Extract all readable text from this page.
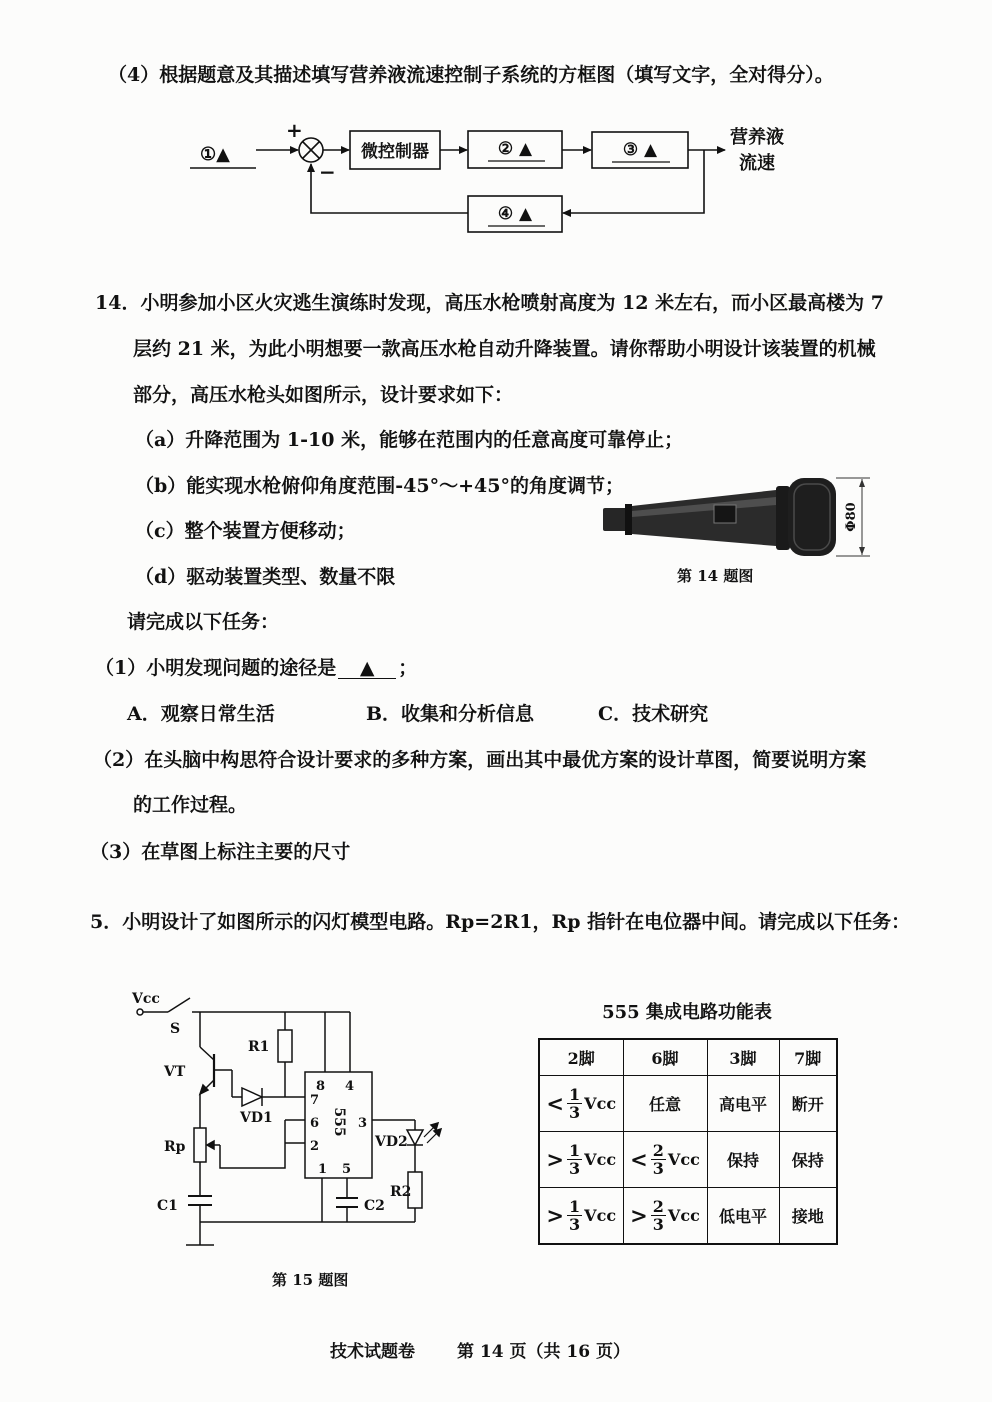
（4）根据题意及其描述填写营养液流速控制子系统的方框图（填写文字，全对得分）。
14．小明参加小区火灾逃生演练时发现，高压水枪喷射高度为 12 米左右，而小区最高楼为 7
层约 21 米，为此小明想要一款高压水枪自动升降装置。请你帮助小明设计该装置的机械
部分，高压水枪头如图所示，设计要求如下：
（a）升降范围为 1-10 米，能够在范围内的任意高度可靠停止；
（b）能实现水枪俯仰角度范围-45°～+45°的角度调节；
（c）整个装置方便移动；
（d）驱动装置类型、数量不限	第 14 题图
请完成以下任务：
（1）小明发现问题的途径是 ▲ ；
A．观察日常生活	B．收集和分析信息	C．技术研究
（2）在头脑中构思符合设计要求的多种方案，画出其中最优方案的设计草图，简要说明方案
的工作过程。
（3）在草图上标注主要的尺寸
5．小明设计了如图所示的闪灯模型电路。Rp=2R1，Rp 指针在电位器中间。请完成以下任务：
第 15 题图
技术试题卷 第 14 页（共 16 页）
①▲
+
−
微控制器	② ▲	③ ▲
营养液
流速
④ ▲
Φ80
Vcc
S
R1
VT
VD1
Rp
555
8 4
7
6
2
3
1 5
C2
VD2
R2
C1
555 集成电路功能表
2脚	6脚	3脚	7脚

< $\frac{1}{3}$ Vcc	任意	高电平	断开

> $\frac{1}{3}$ Vcc	< $\frac{2}{3}$ Vcc	保持	保持

> $\frac{1}{3}$ Vcc	> $\frac{2}{3}$ Vcc	低电平	接地
